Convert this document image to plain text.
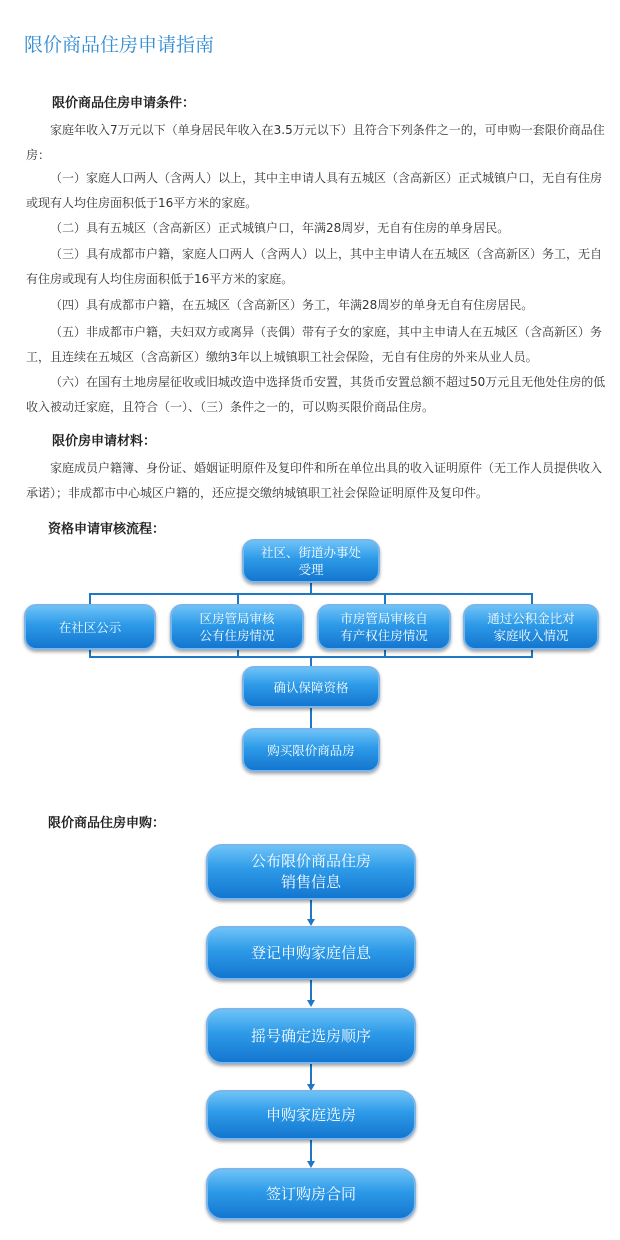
限价商品住房申请指南
限价商品住房申请条件：
家庭年收入7万元以下（单身居民年收入在3.5万元以下）且符合下列条件之一的，可申购一套限价商品住房：
（一）家庭人口两人（含两人）以上，其中主申请人具有五城区（含高新区）正式城镇户口，无自有住房或现有人均住房面积低于16平方米的家庭。
（二）具有五城区（含高新区）正式城镇户口，年满28周岁，无自有住房的单身居民。
（三）具有成都市户籍，家庭人口两人（含两人）以上，其中主申请人在五城区（含高新区）务工，无自有住房或现有人均住房面积低于16平方米的家庭。
（四）具有成都市户籍，在五城区（含高新区）务工，年满28周岁的单身无自有住房居民。
（五）非成都市户籍，夫妇双方或离异（丧偶）带有子女的家庭，其中主申请人在五城区（含高新区）务工，且连续在五城区（含高新区）缴纳3年以上城镇职工社会保险，无自有住房的外来从业人员。
（六）在国有土地房屋征收或旧城改造中选择货币安置，其货币安置总额不超过50万元且无他处住房的低收入被动迁家庭，且符合（一）、（三）条件之一的，可以购买限价商品住房。
限价房申请材料：
家庭成员户籍簿、身份证、婚姻证明原件及复印件和所在单位出具的收入证明原件（无工作人员提供收入承诺）；非成都市中心城区户籍的，还应提交缴纳城镇职工社会保险证明原件及复印件。
资格申请审核流程：
社区、街道办事处
受理
在社区公示
区房管局审核
公有住房情况
市房管局审核自
有产权住房情况
通过公积金比对
家庭收入情况
确认保障资格
购买限价商品房
限价商品住房申购：
公布限价商品住房
销售信息
登记申购家庭信息
摇号确定选房顺序
申购家庭选房
签订购房合同
